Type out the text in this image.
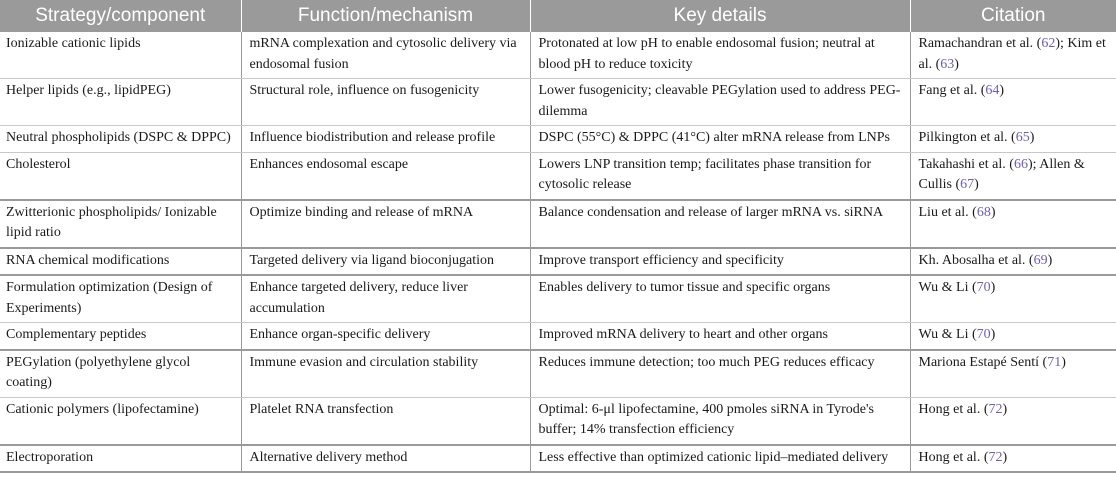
Strategy/component	Function/mechanism	Key details	Citation
Ionizable cationic lipids	mRNA complexation and cytosolic delivery via endosomal fusion	Protonated at low pH to enable endosomal fusion; neutral at blood pH to reduce toxicity	Ramachandran et al. (62); Kim et al. (63)
Helper lipids (e.g., lipidPEG)	Structural role, influence on fusogenicity	Lower fusogenicity; cleavable PEGylation used to address PEG-dilemma	Fang et al. (64)
Neutral phospholipids (DSPC & DPPC)	Influence biodistribution and release profile	DSPC (55°C) & DPPC (41°C) alter mRNA release from LNPs	Pilkington et al. (65)
Cholesterol	Enhances endosomal escape	Lowers LNP transition temp; facilitates phase transition for cytosolic release	Takahashi et al. (66); Allen & Cullis (67)
Zwitterionic phospholipids/ Ionizable lipid ratio	Optimize binding and release of mRNA	Balance condensation and release of larger mRNA vs. siRNA	Liu et al. (68)
RNA chemical modifications	Targeted delivery via ligand bioconjugation	Improve transport efficiency and specificity	Kh. Abosalha et al. (69)
Formulation optimization (Design of Experiments)	Enhance targeted delivery, reduce liver accumulation	Enables delivery to tumor tissue and specific organs	Wu & Li (70)
Complementary peptides	Enhance organ-specific delivery	Improved mRNA delivery to heart and other organs	Wu & Li (70)
PEGylation (polyethylene glycol coating)	Immune evasion and circulation stability	Reduces immune detection; too much PEG reduces efficacy	Mariona Estapé Sentí (71)
Cationic polymers (lipofectamine)	Platelet RNA transfection	Optimal: 6-μl lipofectamine, 400 pmoles siRNA in Tyrode's buffer; 14% transfection efficiency	Hong et al. (72)
Electroporation	Alternative delivery method	Less effective than optimized cationic lipid–mediated delivery	Hong et al. (72)
